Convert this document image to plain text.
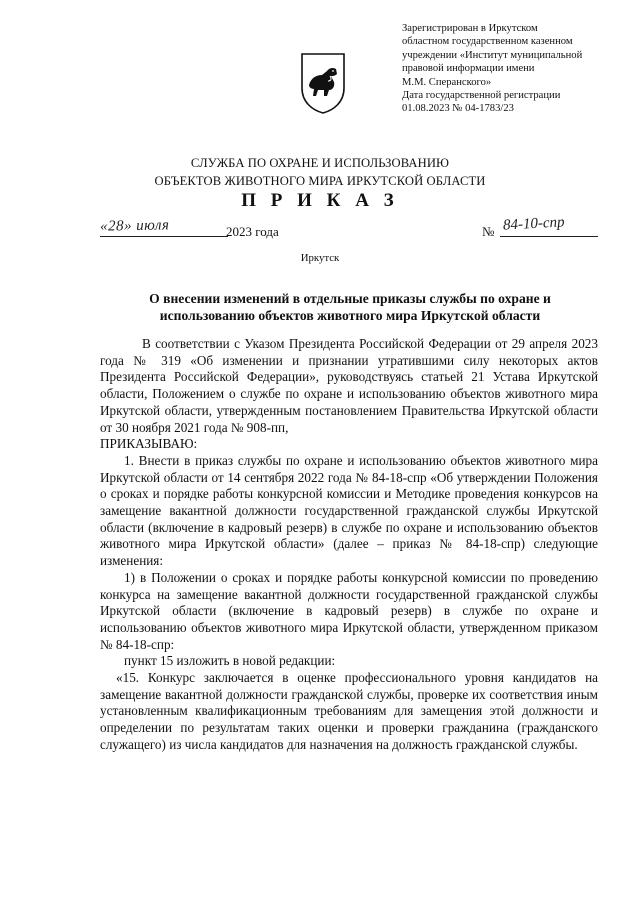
Зарегистрирован в Иркутском
областном государственном казенном
учреждении «Институт муниципальной
правовой информации имени
М.М. Сперанского»
Дата государственной регистрации
01.08.2023 № 04-1783/23
СЛУЖБА ПО ОХРАНЕ И ИСПОЛЬЗОВАНИЮ
ОБЪЕКТОВ ЖИВОТНОГО МИРА ИРКУТСКОЙ ОБЛАСТИ
П Р И К А З
«28» июля	2023 года	№ 84-10-спр
Иркутск
О внесении изменений в отдельные приказы службы по охране и
использованию объектов животного мира Иркутской области

В соответствии с Указом Президента Российской Федерации от 29 апреля 2023 года № 319 «Об изменении и признании утратившими силу некоторых актов Президента Российской Федерации», руководствуясь статьей 21 Устава Иркутской области, Положением о службе по охране и использованию объектов животного мира Иркутской области, утвержденным постановлением Правительства Иркутской области от 30 ноября 2021 года № 908-пп,

ПРИКАЗЫВАЮ:

1. Внести в приказ службы по охране и использованию объектов животного мира Иркутской области от 14 сентября 2022 года № 84-18-спр «Об утверждении Положения о сроках и порядке работы конкурсной комиссии и Методике проведения конкурсов на замещение вакантной должности государственной гражданской службы Иркутской области (включение в кадровый резерв) в службе по охране и использованию объектов животного мира Иркутской области» (далее – приказ № 84-18-спр) следующие изменения:

1) в Положении о сроках и порядке работы конкурсной комиссии по проведению конкурса на замещение вакантной должности государственной гражданской службы Иркутской области (включение в кадровый резерв) в службе по охране и использованию объектов животного мира Иркутской области, утвержденном приказом № 84-18-спр:

пункт 15 изложить в новой редакции:

«15. Конкурс заключается в оценке профессионального уровня кандидатов на замещение вакантной должности гражданской службы, проверке их соответствия иным установленным квалификационным требованиям для замещения этой должности и определении по результатам таких оценки и проверки гражданина (гражданского служащего) из числа кандидатов для назначения на должность гражданской службы.
